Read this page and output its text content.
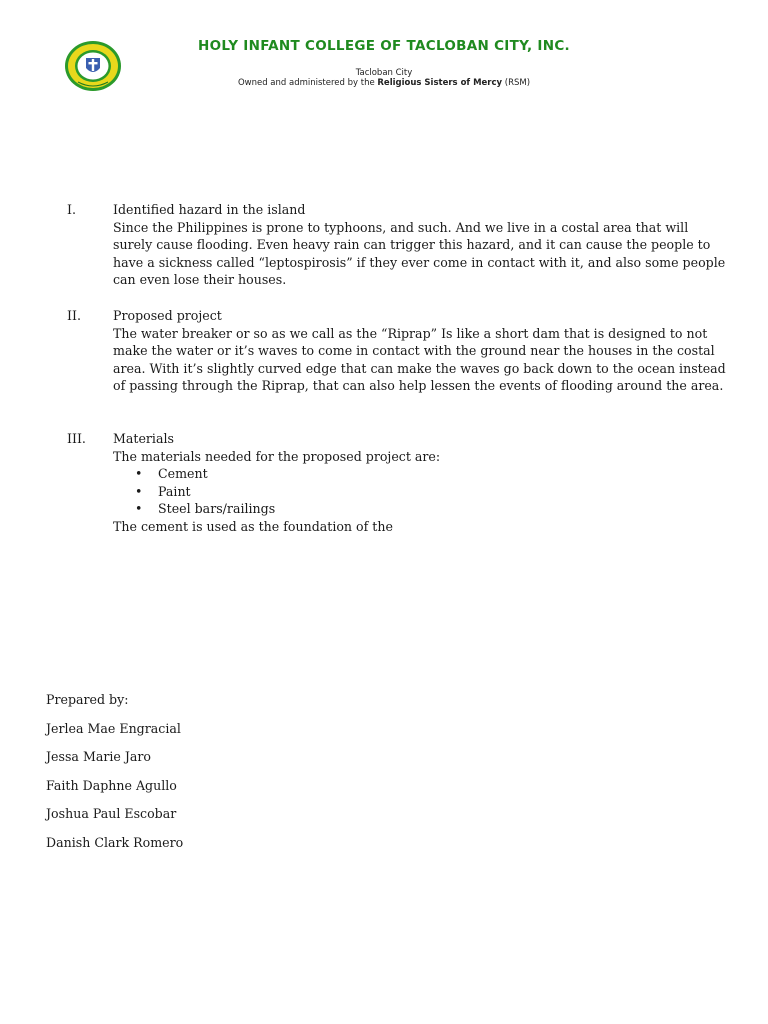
HOLY INFANT COLLEGE OF TACLOBAN CITY, INC.
Tacloban City
Owned and administered by the Religious Sisters of Mercy (RSM)
I.	Identified hazard in the island

Since the Philippines is prone to typhoons, and such. And we live in a costal area that will

surely cause flooding. Even heavy rain can trigger this hazard, and it can cause the people to

have a sickness called “leptospirosis” if they ever come in contact with it, and also some people

can even lose their houses.

II.	Proposed project

The water breaker or so as we call as the “Riprap” Is like a short dam that is designed to not

make the water or it’s waves to come in contact with the ground near the houses in the costal

area. With it’s slightly curved edge that can make the waves go back down to the ocean instead

of passing through the Riprap, that can also help lessen the events of flooding around the area.

III. Materials

The materials needed for the proposed project are:

• Cement
• Paint
• Steel bars/railings

The cement is used as the foundation of the

Prepared by:
Jerlea Mae Engracial
Jessa Marie Jaro
Faith Daphne Agullo
Joshua Paul Escobar
Danish Clark Romero
